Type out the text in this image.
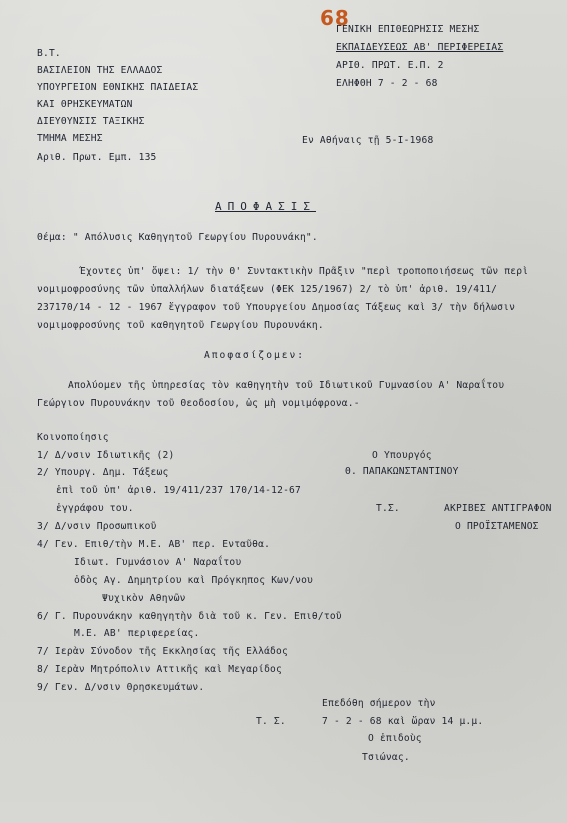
68
Β.Τ.
ΒΑΣΙΛΕΙΟΝ ΤΗΣ ΕΛΛΑΔΟΣ
ΥΠΟΥΡΓΕΙΟΝ ΕΘΝΙΚΗΣ ΠΑΙΔΕΙΑΣ
ΚΑΙ ΘΡΗΣΚΕΥΜΑΤΩΝ
ΔΙΕΥΘΥΝΣΙΣ ΤΑΞΙΚΗΣ
ΤΜΗΜΑ ΜΕΣΗΣ
Αριθ. Πρωτ. Εμπ. 135
ΓΕΝΙΚΗ ΕΠΙΘΕΩΡΗΣΙΣ ΜΕΣΗΣ
ΕΚΠΑΙΔΕΥΣΕΩΣ ΑΒ' ΠΕΡΙΦΕΡΕΙΑΣ
ΑΡΙΘ. ΠΡΩΤ. Ε.Π. 2
ΕΛΗΦΘΗ 7 - 2 - 68
Εν Αθήναις τῇ 5-I-1968
ΑΠΟΦΑΣΙΣ
Θέμα: " Απόλυσις Καθηγητοῦ Γεωργίου Πυρουνάκη".
Έχοντες ὑπ' ὄψει: 1/ τὴν Θ' Συντακτικὴν Πρᾶξιν "περὶ τροποποιήσεως τῶν περὶ
νομιμοφροσύνης τῶν ὑπαλλήλων διατάξεων (ΦΕΚ 125/1967) 2/ τὸ ὑπ' ἀριθ. 19/411/
237170/14 - 12 - 1967 ἔγγραφον τοῦ Υπουργείου Δημοσίας Τάξεως καὶ 3/ τὴν δήλωσιν
νομιμοφροσύνης τοῦ καθηγητοῦ Γεωργίου Πυρουνάκη.
Αποφασίζομεν:
Απολύομεν τῆς ὑπηρεσίας τὸν καθηγητὴν τοῦ Ιδιωτικοῦ Γυμνασίου Α' Ναραΐτου
Γεώργιον Πυρουνάκην τοῦ Θεοδοσίου, ὡς μὴ νομιμόφρονα.-
Κοινοποίησις
1/ Δ/νσιν Ιδιωτικῆς (2)
2/ Υπουργ. Δημ. Τάξεως
ἐπὶ τοῦ ὑπ' ἀριθ. 19/411/237 170/14-12-67
ἐγγράφου του.
3/ Δ/νσιν Προσωπικοῦ
4/ Γεν. Επιθ/τὴν Μ.Ε. ΑΒ' περ. Ενταῦθα.
Ιδιωτ. Γυμνάσιον Α' Ναραΐτου
ὁδὸς Αγ. Δημητρίου καὶ Πρόγκηπος Κων/νου
Ψυχικὸν Αθηνῶν
6/ Γ. Πυρουνάκην καθηγητὴν διὰ τοῦ κ. Γεν. Επιθ/τοῦ
Μ.Ε. ΑΒ' περιφερείας.
7/ Ιερὰν Σύνοδον τῆς Εκκλησίας τῆς Ελλάδος
8/ Ιερὰν Μητρόπολιν Αττικῆς καὶ Μεγαρίδος
9/ Γεν. Δ/νσιν Θρησκευμάτων.
Ο Υπουργός
Θ. ΠΑΠΑΚΩΝΣΤΑΝΤΙΝΟΥ
Τ.Σ.	ΑΚΡΙΒΕΣ ΑΝΤΙΓΡΑΦΟΝ
Ο ΠΡΟΪΣΤΑΜΕΝΟΣ
Επεδόθη σήμερον τὴν
Τ. Σ.	7 - 2 - 68 καὶ ὥραν 14 μ.μ.
Ο ἐπιδοὺς
Τσιώνας.
